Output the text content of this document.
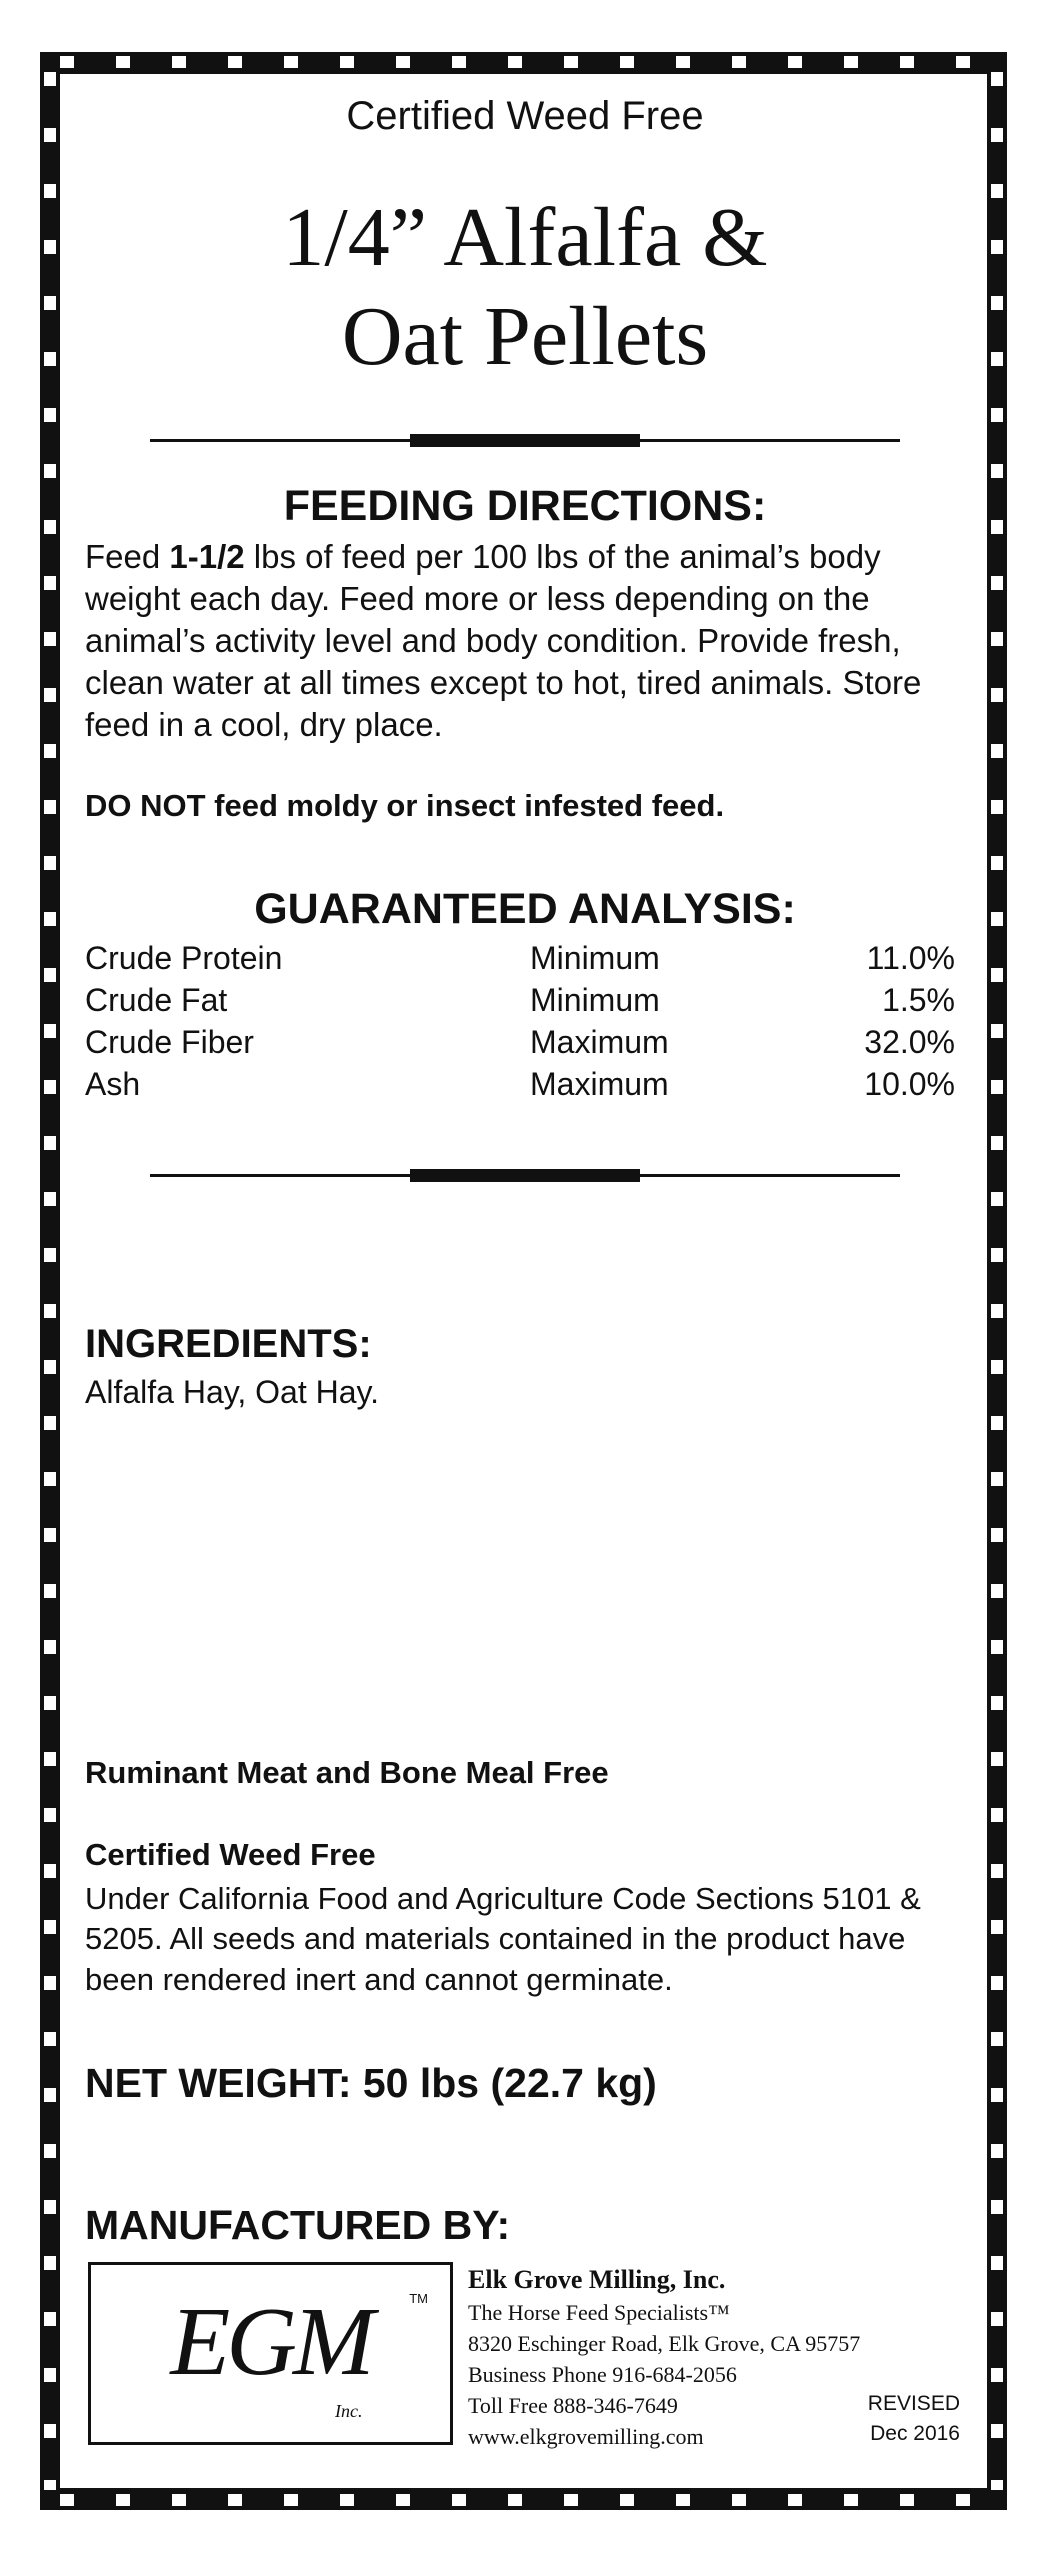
Certified Weed Free
1/4” Alfalfa &
Oat Pellets
FEEDING DIRECTIONS:
Feed 1-1/2 lbs of feed per 100 lbs of the animal’s body weight each day. Feed more or less depending on the animal’s activity level and body condition. Provide fresh, clean water at all times except to hot, tired animals. Store feed in a cool, dry place.
DO NOT feed moldy or insect infested feed.
GUARANTEED ANALYSIS:
Crude Protein	Minimum	11.0%
Crude Fat	Minimum	1.5%
Crude Fiber	Maximum	32.0%
Ash	Maximum	10.0%
INGREDIENTS:
Alfalfa Hay, Oat Hay.
Ruminant Meat and Bone Meal Free
Certified Weed Free
Under California Food and Agriculture Code Sections 5101 & 5205. All seeds and materials contained in the product have been rendered inert and cannot germinate.
NET WEIGHT: 50 lbs (22.7 kg)
MANUFACTURED BY:
EGM	TM
Inc.
Elk Grove Milling, Inc.
The Horse Feed Specialists™
8320 Eschinger Road, Elk Grove, CA 95757
Business Phone 916-684-2056
Toll Free 888-346-7649
www.elkgrovemilling.com
REVISED
Dec 2016
